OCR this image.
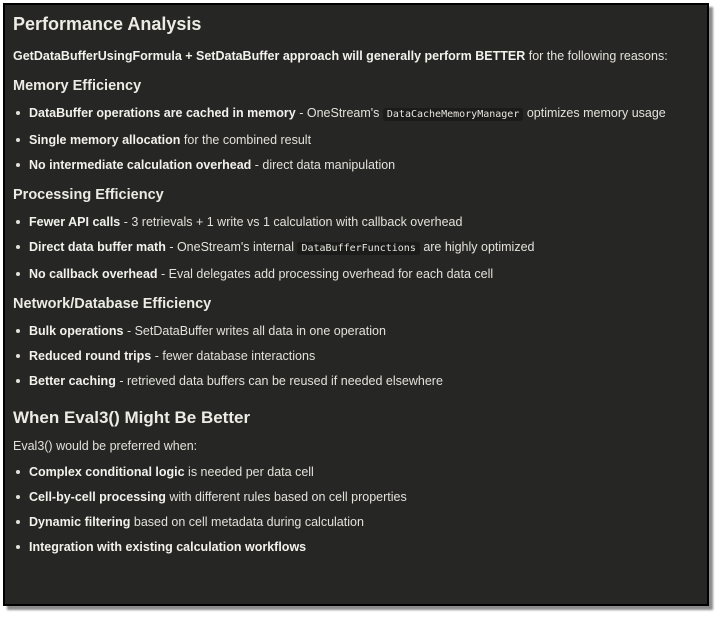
Performance Analysis

GetDataBufferUsingFormula + SetDataBuffer approach will generally perform BETTER for the following reasons:

Memory Efficiency
DataBuffer operations are cached in memory - OneStream's DataCacheMemoryManager optimizes memory usage
Single memory allocation for the combined result
No intermediate calculation overhead - direct data manipulation
Processing Efficiency
Fewer API calls - 3 retrievals + 1 write vs 1 calculation with callback overhead
Direct data buffer math - OneStream's internal DataBufferFunctions are highly optimized
No callback overhead - Eval delegates add processing overhead for each data cell
Network/Database Efficiency
Bulk operations - SetDataBuffer writes all data in one operation
Reduced round trips - fewer database interactions
Better caching - retrieved data buffers can be reused if needed elsewhere
When Eval3() Might Be Better

Eval3() would be preferred when:

Complex conditional logic is needed per data cell
Cell-by-cell processing with different rules based on cell properties
Dynamic filtering based on cell metadata during calculation
Integration with existing calculation workflows
